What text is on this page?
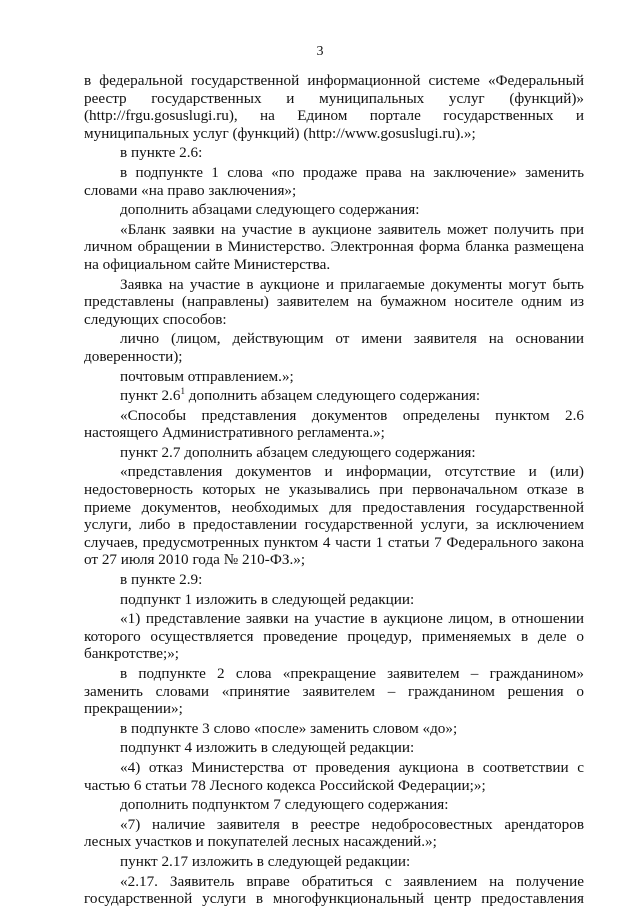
3

в федеральной государственной информационной системе «Федеральный реестр государственных и муниципальных услуг (функций)» (http://frgu.gosuslugi.ru), на Едином портале государственных и муниципальных услуг (функций) (http://www.gosuslugi.ru).»;

в пункте 2.6:

в подпункте 1 слова «по продаже права на заключение» заменить словами «на право заключения»;

дополнить абзацами следующего содержания:

«Бланк заявки на участие в аукционе заявитель может получить при личном обращении в Министерство. Электронная форма бланка размещена на официальном сайте Министерства.

Заявка на участие в аукционе и прилагаемые документы могут быть представлены (направлены) заявителем на бумажном носителе одним из следующих способов:

лично (лицом, действующим от имени заявителя на основании доверенности);

почтовым отправлением.»;

пункт $2.6^1$ дополнить абзацем следующего содержания:

«Способы представления документов определены пунктом 2.6 настоящего Административного регламента.»;

пункт 2.7 дополнить абзацем следующего содержания:

«представления документов и информации, отсутствие и (или) недостоверность которых не указывались при первоначальном отказе в приеме документов, необходимых для предоставления государственной услуги, либо в предоставлении государственной услуги, за исключением случаев, предусмотренных пунктом 4 части 1 статьи 7 Федерального закона от 27 июля 2010 года № 210-ФЗ.»;

в пункте 2.9:

подпункт 1 изложить в следующей редакции:

«1) представление заявки на участие в аукционе лицом, в отношении которого осуществляется проведение процедур, применяемых в деле о банкротстве;»;

в подпункте 2 слова «прекращение заявителем – гражданином» заменить словами «принятие заявителем – гражданином решения о прекращении»;

в подпункте 3 слово «после» заменить словом «до»;

подпункт 4 изложить в следующей редакции:

«4) отказ Министерства от проведения аукциона в соответствии с частью 6 статьи 78 Лесного кодекса Российской Федерации;»;

дополнить подпунктом 7 следующего содержания:

«7) наличие заявителя в реестре недобросовестных арендаторов лесных участков и покупателей лесных насаждений.»;

пункт 2.17 изложить в следующей редакции:

«2.17. Заявитель вправе обратиться с заявлением на получение государственной услуги в многофункциональный центр предоставления
